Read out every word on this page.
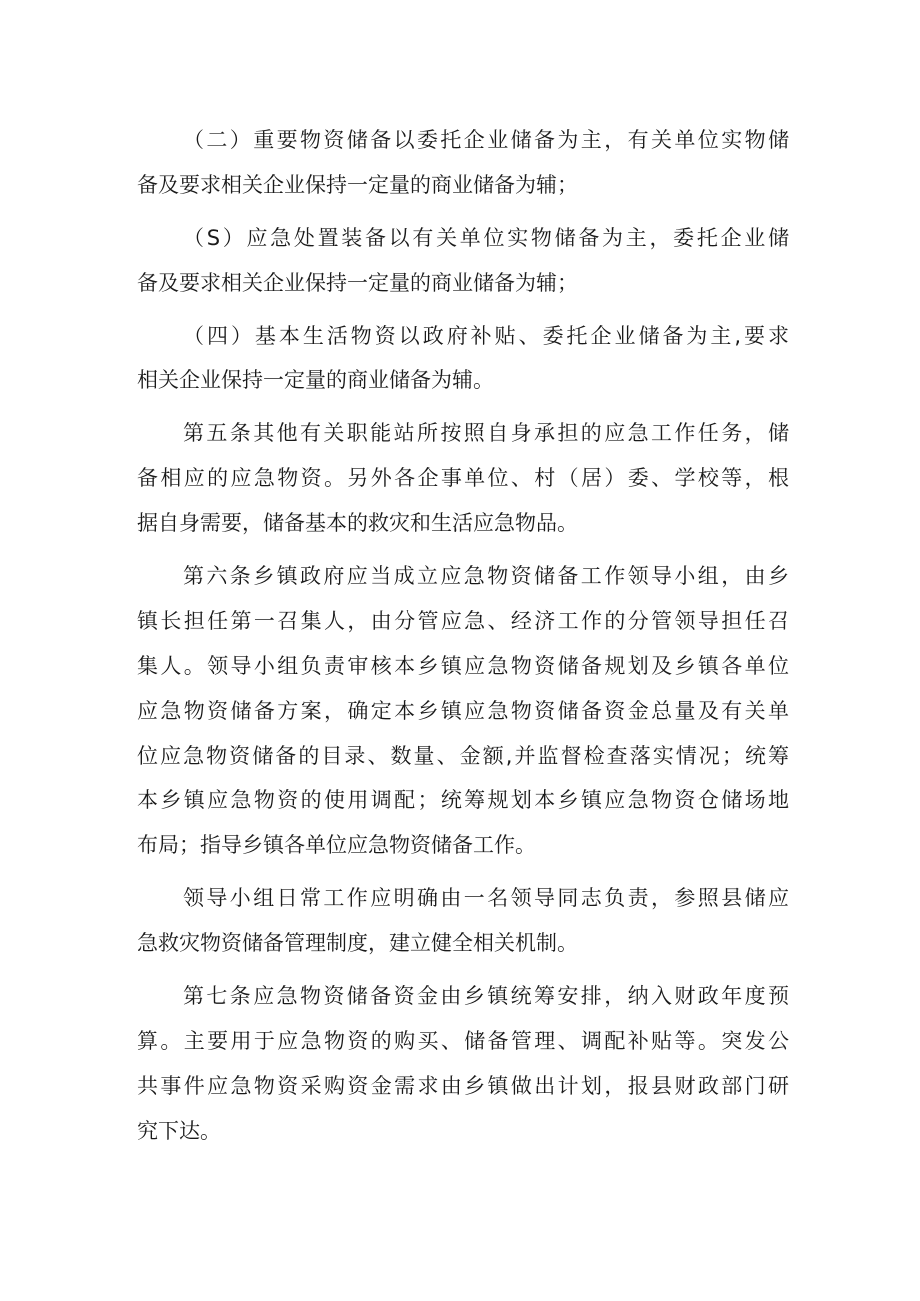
（二）重要物资储备以委托企业储备为主，有关单位实物储
备及要求相关企业保持一定量的商业储备为辅；

（S）应急处置装备以有关单位实物储备为主，委托企业储
备及要求相关企业保持一定量的商业储备为辅；

（四）基本生活物资以政府补贴、委托企业储备为主,要求
相关企业保持一定量的商业储备为辅。

第五条其他有关职能站所按照自身承担的应急工作任务，储
备相应的应急物资。另外各企事单位、村（居）委、学校等，根
据自身需要，储备基本的救灾和生活应急物品。

第六条乡镇政府应当成立应急物资储备工作领导小组，由乡
镇长担任第一召集人，由分管应急、经济工作的分管领导担任召
集人。领导小组负责审核本乡镇应急物资储备规划及乡镇各单位
应急物资储备方案，确定本乡镇应急物资储备资金总量及有关单
位应急物资储备的目录、数量、金额,并监督检查落实情况；统筹
本乡镇应急物资的使用调配；统筹规划本乡镇应急物资仓储场地
布局；指导乡镇各单位应急物资储备工作。

领导小组日常工作应明确由一名领导同志负责，参照县储应
急救灾物资储备管理制度，建立健全相关机制。

第七条应急物资储备资金由乡镇统筹安排，纳入财政年度预
算。主要用于应急物资的购买、储备管理、调配补贴等。突发公
共事件应急物资采购资金需求由乡镇做出计划，报县财政部门研
究下达。
